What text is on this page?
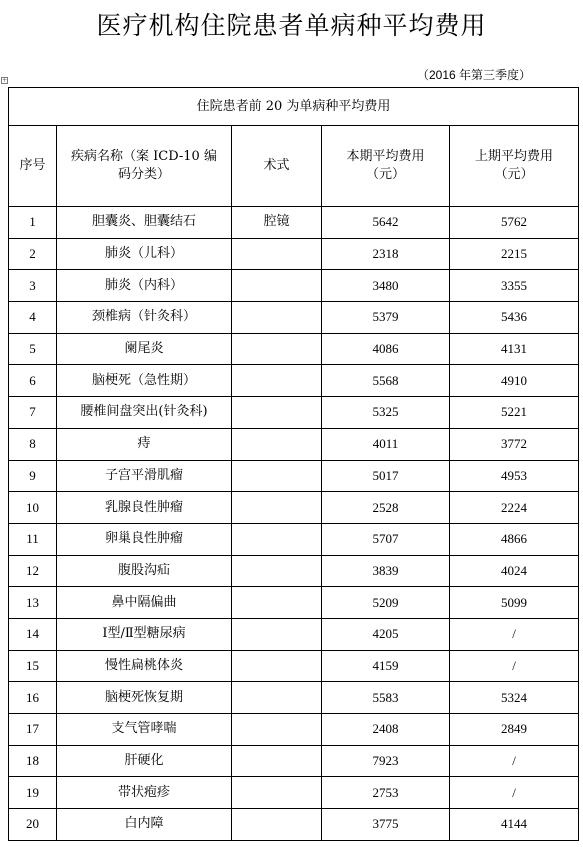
医疗机构住院患者单病种平均费用
+	（2016 年第三季度）
住院患者前 20 为单病种平均费用				
序号	疾病名称（案 ICD-10 编码分类）	术式	本期平均费用（元）	上期平均费用（元）
1	胆囊炎、胆囊结石	腔镜	5642	5762
2	肺炎（儿科）		2318	2215
3	肺炎（内科）		3480	3355
4	颈椎病（针灸科）		5379	5436
5	阑尾炎		4086	4131
6	脑梗死（急性期）		5568	4910
7	腰椎间盘突出(针灸科)		5325	5221
8	痔		4011	3772
9	子宫平滑肌瘤		5017	4953
10	乳腺良性肿瘤		2528	2224
11	卵巢良性肿瘤		5707	4866
12	腹股沟疝		3839	4024
13	鼻中隔偏曲		5209	5099
14	Ⅰ型/Ⅱ型糖尿病		4205	/
15	慢性扁桃体炎		4159	/
16	脑梗死恢复期		5583	5324
17	支气管哮喘		2408	2849
18	肝硬化		7923	/
19	带状疱疹		2753	/
20	白内障		3775	4144
